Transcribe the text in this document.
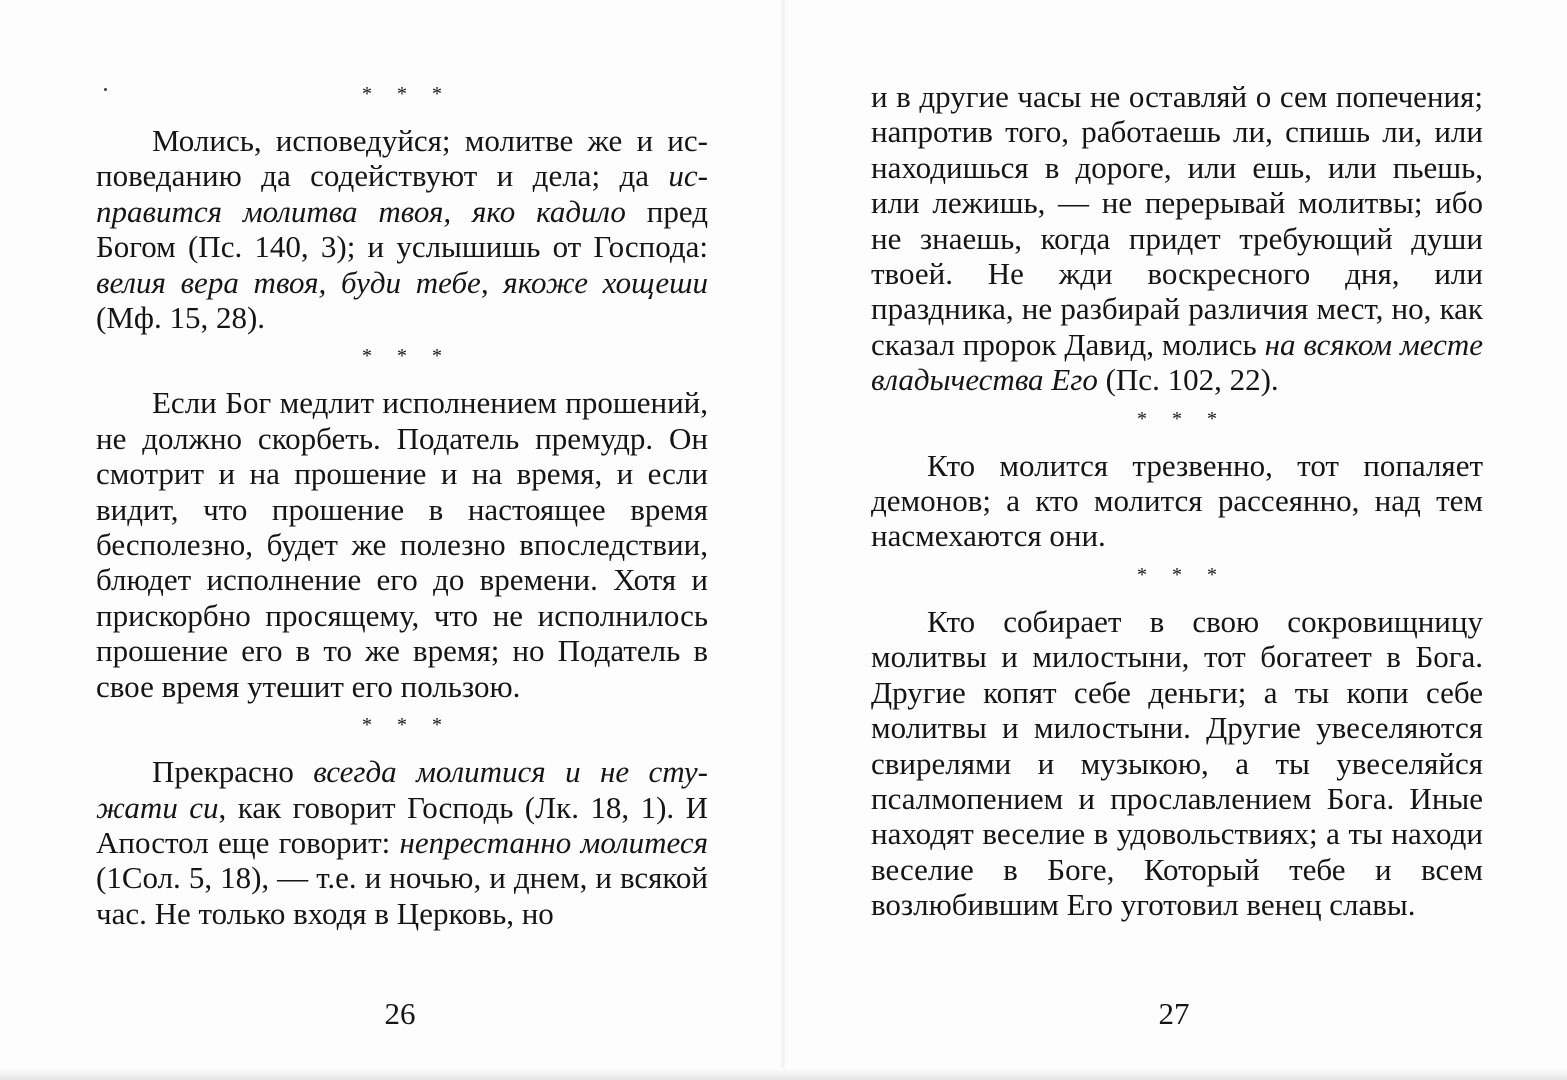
* * *

Молись, исповедуйся; молитве же и исповеданию да содействуют и дела; да исправится молитва твоя, яко кадило пред Богом (Пс. 140, 3); и услышишь от Господа: велия вера твоя, буди тебе, якоже хощеши (Мф. 15, 28).

* * *

Если Бог медлит исполнением прошений, не должно скорбеть. Податель премудр. Он смотрит и на прошение и на время, и если видит, что прошение в настоящее время бесполезно, будет же полезно впоследствии, блюдет исполнение его до времени. Хотя и прискорбно просящему, что не исполнилось прошение его в то же время; но Податель в свое время утешит его пользою.

* * *

Прекрасно всегда молитися и не стужати си, как говорит Господь (Лк. 18, 1). И Апостол еще говорит: непрестанно молитеся (1Сол. 5, 18), — т.е. и ночью, и днем, и всякой час. Не только входя в Церковь, но

26

и в другие часы не оставляй о сем попечения; напротив того, работаешь ли, спишь ли, или находишься в дороге, или ешь, или пьешь, или лежишь, — не перерывай молитвы; ибо не знаешь, когда придет требующий души твоей. Не жди воскресного дня, или праздника, не разбирай различия мест, но, как сказал пророк Давид, молись на всяком месте владычества Его (Пс. 102, 22).

* * *

Кто молится трезвенно, тот попаляет демонов; а кто молится рассеянно, над тем насмехаются они.

* * *

Кто собирает в свою сокровищницу молитвы и милостыни, тот богатеет в Бога. Другие копят себе деньги; а ты копи себе молитвы и милостыни. Другие увеселяются свирелями и музыкою, а ты увеселяйся псалмопением и прославлением Бога. Иные находят веселие в удовольствиях; а ты находи веселие в Боге, Который тебе и всем возлюбившим Его уготовил венец славы.

27
